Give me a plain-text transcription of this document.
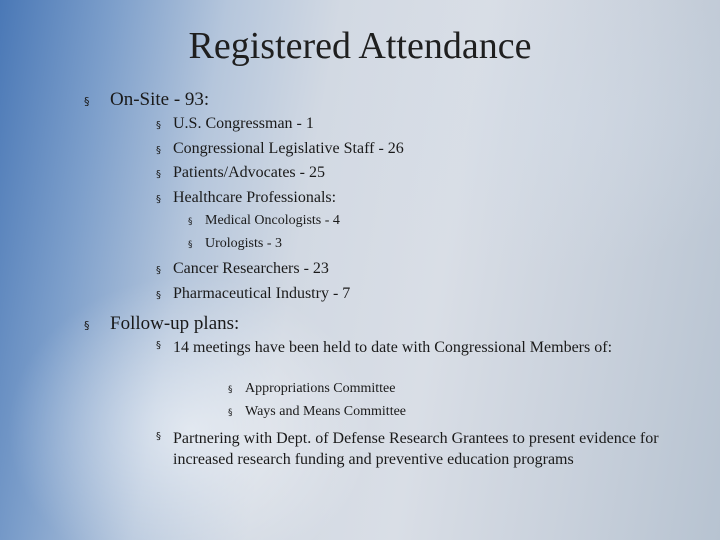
Registered Attendance
§	On-Site - 93:
§ U.S. Congressman - 1
§ Congressional Legislative Staff - 26
§ Patients/Advocates - 25
§ Healthcare Professionals:
§ Medical Oncologists - 4
§ Urologists - 3
§ Cancer Researchers - 23
§ Pharmaceutical Industry - 7
§	Follow-up plans:
§ 14 meetings have been held to date with Congressional Members of:
§ Appropriations Committee
§ Ways and Means Committee
§ Partnering with Dept. of Defense Research Grantees to present evidence for increased research funding and preventive education programs
